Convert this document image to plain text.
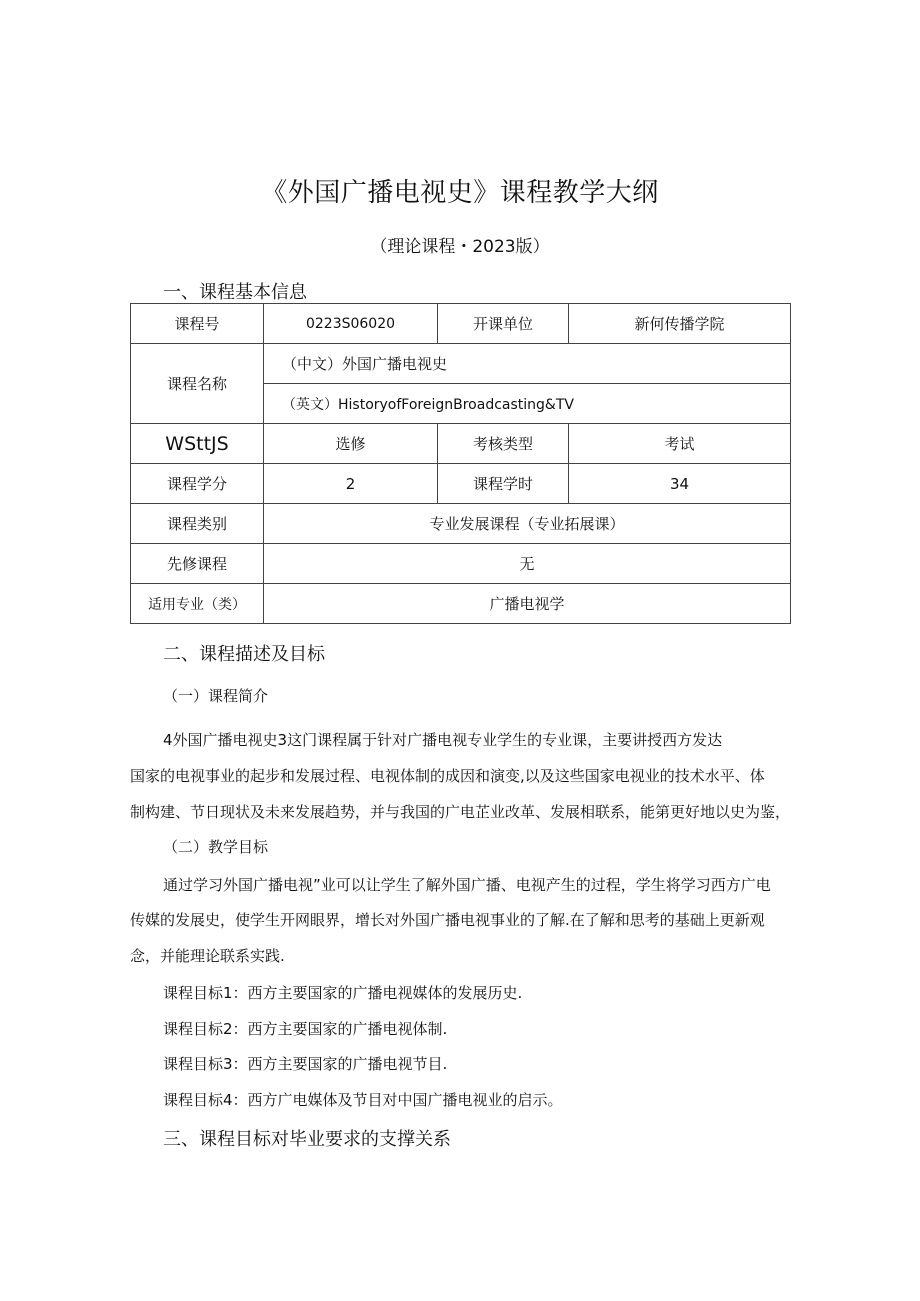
《外国广播电视史》课程教学大纲
（理论课程・2023版）
一、课程基本信息
课程号	0223S06020	开课单位	新何传播学院
课程名称	（中文）外国广播电视史		
	（英文）HistoryofForeignBroadcasting&TV		
WSttJS	选修	考核类型	考试
课程学分	2	课程学时	34
课程类别	专业发展课程（专业拓展课）		
先修课程	无		
适用专业（类）	广播电视学		
二、课程描述及目标
（一）课程简介
4外国广播电视史3这门课程属于针对广播电视专业学生的专业课，主要讲授西方发达
国家的电视事业的起步和发展过程、电视体制的成因和演变,以及这些国家电视业的技术水平、体
制构建、节日现状及未来发展趋势，并与我国的广电芷业改革、发展相联系，能第更好地以史为鉴，
（二）教学目标
通过学习外国广播电视”业可以让学生了解外国广播、电视产生的过程，学生将学习西方广电
传媒的发展史，使学生开网眼界，增长对外国广播电视事业的了解.在了解和思考的基础上更新观
念，并能理论联系实践.
课程目标1：西方主要国家的广播电视媒体的发展历史.
课程目标2：西方主要国家的广播电视体制.
课程目标3：西方主要国家的广播电视节目.
课程目标4：西方广电媒体及节目对中国广播电视业的启示。
三、课程目标对毕业要求的支撑关系
